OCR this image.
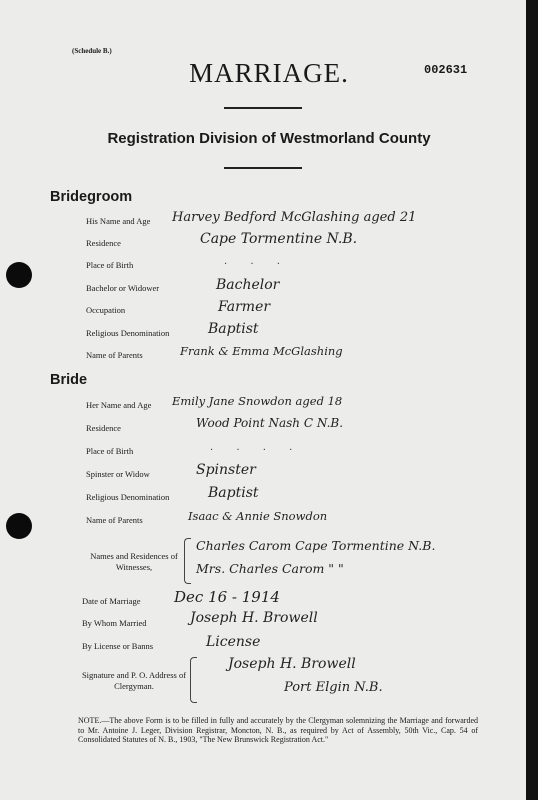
(Schedule B.)
MARRIAGE.	002631
Registration Division of Westmorland County
Bridegroom
His Name and Age Harvey Bedford McGlashing aged 21
Residence	Cape Tormentine N.B.
Place of Birth	. . .
Bachelor or Widower	Bachelor
Occupation	Farmer
Religious Denomination	Baptist
Name of Parents	Frank & Emma McGlashing
Bride
Her Name and Age Emily Jane Snowdon aged 18
Residence	Wood Point Nash C N.B.
Place of Birth	. . . .
Spinster or Widow	Spinster
Religious Denomination	Baptist
Name of Parents	Isaac & Annie Snowdon
Names and Residences of Witnesses,
Charles Carom Cape Tormentine N.B.
Mrs. Charles Carom " "
Date of Marriage Dec 16 - 1914
By Whom Married	Joseph H. Browell
By License or Banns	License
Signature and P. O. Address of Clergyman.
Joseph H. Browell
Port Elgin N.B.
NOTE.—The above Form is to be filled in fully and accurately by the Clergyman solemnizing the Marriage and forwarded to Mr. Antoine J. Leger, Division Registrar, Moncton, N. B., as required by Act of Assembly, 50th Vic., Cap. 54 of Consolidated Statutes of N. B., 1903, "The New Brunswick Registration Act."
